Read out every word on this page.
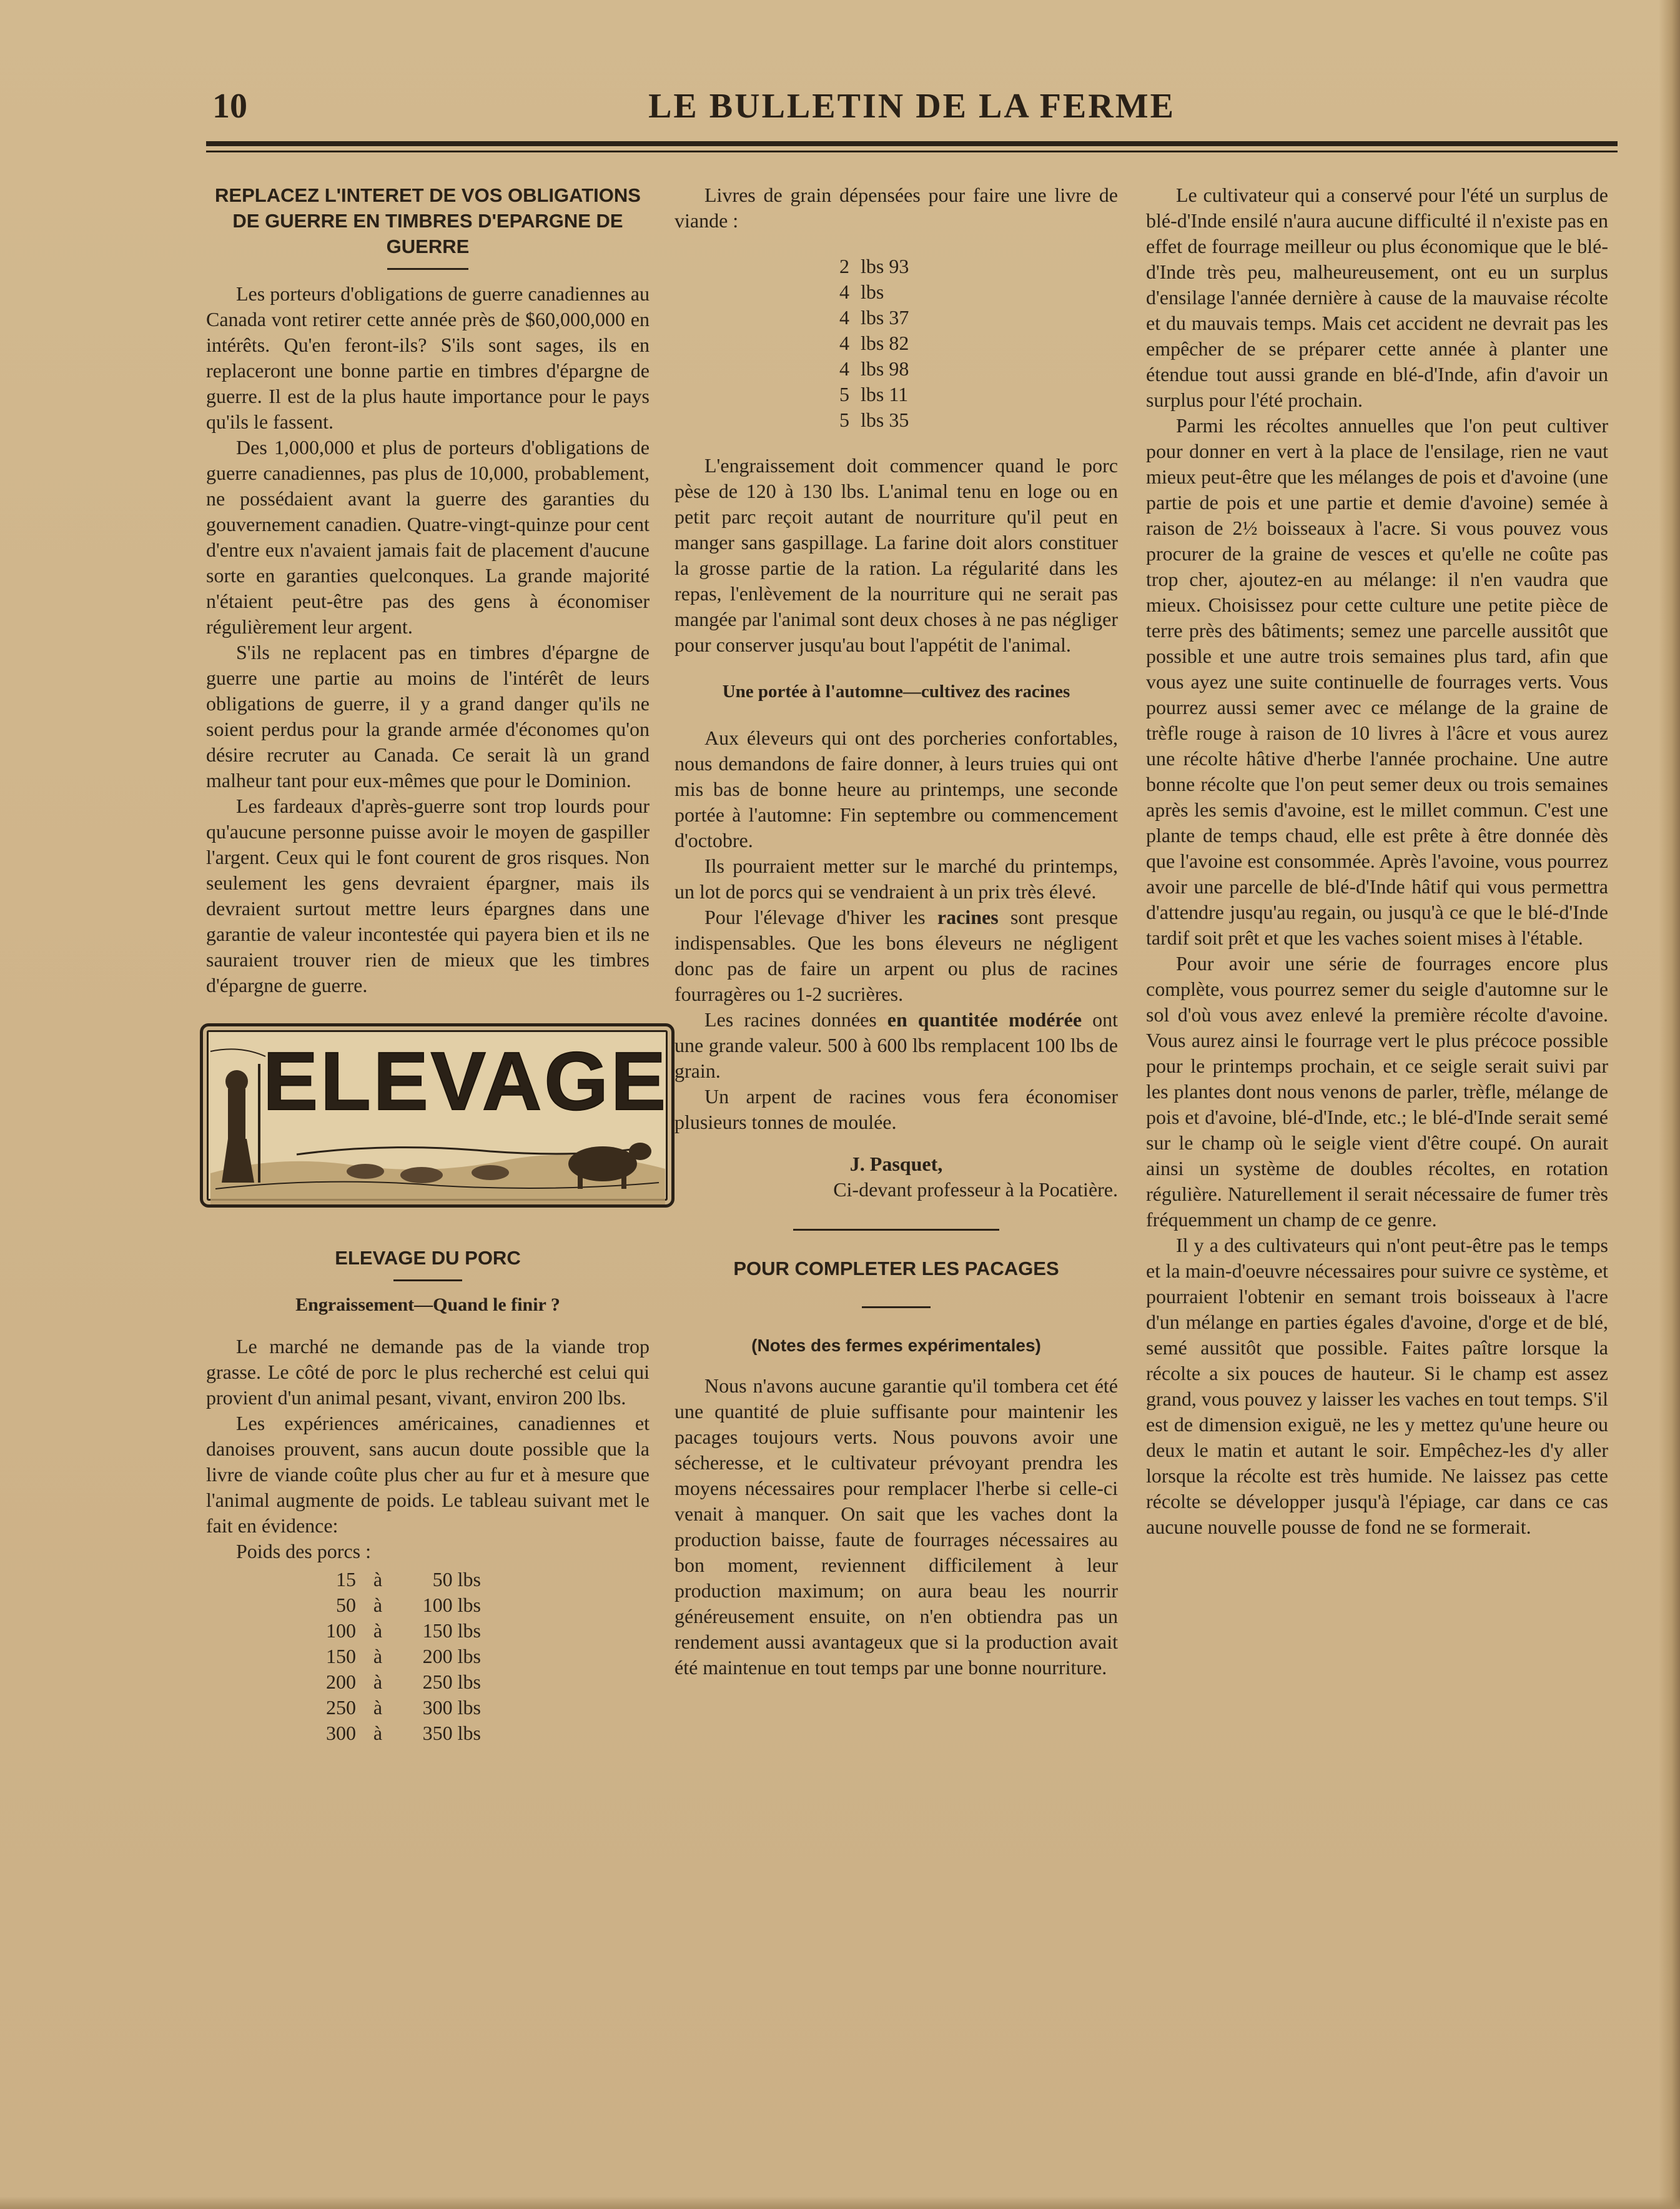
10	LE BULLETIN DE LA FERME
REPLACEZ L'INTERET DE VOS OBLIGATIONS DE GUERRE EN TIMBRES D'EPARGNE DE GUERRE

Les porteurs d'obligations de guerre canadiennes au Canada vont retirer cette année près de $60,000,000 en intérêts. Qu'en feront-ils? S'ils sont sages, ils en replaceront une bonne partie en timbres d'épargne de guerre. Il est de la plus haute importance pour le pays qu'ils le fassent.

Des 1,000,000 et plus de porteurs d'obligations de guerre canadiennes, pas plus de 10,000, probablement, ne possédaient avant la guerre des garanties du gouvernement canadien. Quatre-vingt-quinze pour cent d'entre eux n'avaient jamais fait de placement d'aucune sorte en garanties quelconques. La grande majorité n'étaient peut-être pas des gens à économiser régulièrement leur argent.

S'ils ne replacent pas en timbres d'épargne de guerre une partie au moins de l'intérêt de leurs obligations de guerre, il y a grand danger qu'ils ne soient perdus pour la grande armée d'économes qu'on désire recruter au Canada. Ce serait là un grand malheur tant pour eux-mêmes que pour le Dominion.

Les fardeaux d'après-guerre sont trop lourds pour qu'aucune personne puisse avoir le moyen de gaspiller l'argent. Ceux qui le font courent de gros risques. Non seulement les gens devraient épargner, mais ils devraient surtout mettre leurs épargnes dans une garantie de valeur incontestée qui payera bien et ils ne sauraient trouver rien de mieux que les timbres d'épargne de guerre.

ELEVAGE
ELEVAGE DU PORC
Engraissement—Quand le finir ?

Le marché ne demande pas de la viande trop grasse. Le côté de porc le plus recherché est celui qui provient d'un animal pesant, vivant, environ 200 lbs.

Les expériences américaines, canadiennes et danoises prouvent, sans aucun doute possible que la livre de viande coûte plus cher au fur et à mesure que l'animal augmente de poids. Le tableau suivant met le fait en évidence:

Poids des porcs :

15 à	50 lbs
50 à	100 lbs
100 à	150 lbs
150 à	200 lbs
200 à	250 lbs
250 à	300 lbs
300 à	350 lbs

Livres de grain dépensées pour faire une livre de viande :

2 lbs 93
4 lbs
4 lbs 37
4 lbs 82
4 lbs 98
5 lbs 11
5 lbs 35

L'engraissement doit commencer quand le porc pèse de 120 à 130 lbs. L'animal tenu en loge ou en petit parc reçoit autant de nourriture qu'il peut en manger sans gaspillage. La farine doit alors constituer la grosse partie de la ration. La régularité dans les repas, l'enlèvement de la nourriture qui ne serait pas mangée par l'animal sont deux choses à ne pas négliger pour conserver jusqu'au bout l'appétit de l'animal.

Une portée à l'automne—cultivez des racines

Aux éleveurs qui ont des porcheries confortables, nous demandons de faire donner, à leurs truies qui ont mis bas de bonne heure au printemps, une seconde portée à l'automne: Fin septembre ou commencement d'octobre.

Ils pourraient metter sur le marché du printemps, un lot de porcs qui se vendraient à un prix très élevé.

Pour l'élevage d'hiver les racines sont presque indispensables. Que les bons éleveurs ne négligent donc pas de faire un arpent ou plus de racines fourragères ou 1-2 sucrières.

Les racines données en quantitée modérée ont une grande valeur. 500 à 600 lbs remplacent 100 lbs de grain.

Un arpent de racines vous fera économiser plusieurs tonnes de moulée.

J. Pasquet,
Ci-devant professeur à la Pocatière.
POUR COMPLETER LES PACAGES
(Notes des fermes expérimentales)

Nous n'avons aucune garantie qu'il tombera cet été une quantité de pluie suffisante pour maintenir les pacages toujours verts. Nous pouvons avoir une sécheresse, et le cultivateur prévoyant prendra les moyens nécessaires pour remplacer l'herbe si celle-ci venait à manquer. On sait que les vaches dont la production baisse, faute de fourrages nécessaires au bon moment, reviennent difficilement à leur production maximum; on aura beau les nourrir généreusement ensuite, on n'en obtiendra pas un rendement aussi avantageux que si la production avait été maintenue en tout temps par une bonne nourriture.

Le cultivateur qui a conservé pour l'été un surplus de blé-d'Inde ensilé n'aura aucune difficulté il n'existe pas en effet de fourrage meilleur ou plus économique que le blé-d'Inde très peu, malheureusement, ont eu un surplus d'ensilage l'année dernière à cause de la mauvaise récolte et du mauvais temps. Mais cet accident ne devrait pas les empêcher de se préparer cette année à planter une étendue tout aussi grande en blé-d'Inde, afin d'avoir un surplus pour l'été prochain.

Parmi les récoltes annuelles que l'on peut cultiver pour donner en vert à la place de l'ensilage, rien ne vaut mieux peut-être que les mélanges de pois et d'avoine (une partie de pois et une partie et demie d'avoine) semée à raison de 2½ boisseaux à l'acre. Si vous pouvez vous procurer de la graine de vesces et qu'elle ne coûte pas trop cher, ajoutez-en au mélange: il n'en vaudra que mieux. Choisissez pour cette culture une petite pièce de terre près des bâtiments; semez une parcelle aussitôt que possible et une autre trois semaines plus tard, afin que vous ayez une suite continuelle de fourrages verts. Vous pourrez aussi semer avec ce mélange de la graine de trèfle rouge à raison de 10 livres à l'âcre et vous aurez une récolte hâtive d'herbe l'année prochaine. Une autre bonne récolte que l'on peut semer deux ou trois semaines après les semis d'avoine, est le millet commun. C'est une plante de temps chaud, elle est prête à être donnée dès que l'avoine est consommée. Après l'avoine, vous pourrez avoir une parcelle de blé-d'Inde hâtif qui vous permettra d'attendre jusqu'au regain, ou jusqu'à ce que le blé-d'Inde tardif soit prêt et que les vaches soient mises à l'étable.

Pour avoir une série de fourrages encore plus complète, vous pourrez semer du seigle d'automne sur le sol d'où vous avez enlevé la première récolte d'avoine. Vous aurez ainsi le fourrage vert le plus précoce possible pour le printemps prochain, et ce seigle serait suivi par les plantes dont nous venons de parler, trèfle, mélange de pois et d'avoine, blé-d'Inde, etc.; le blé-d'Inde serait semé sur le champ où le seigle vient d'être coupé. On aurait ainsi un système de doubles récoltes, en rotation régulière. Naturellement il serait nécessaire de fumer très fréquemment un champ de ce genre.

Il y a des cultivateurs qui n'ont peut-être pas le temps et la main-d'oeuvre nécessaires pour suivre ce système, et pourraient l'obtenir en semant trois boisseaux à l'acre d'un mélange en parties égales d'avoine, d'orge et de blé, semé aussitôt que possible. Faites paître lorsque la récolte a six pouces de hauteur. Si le champ est assez grand, vous pouvez y laisser les vaches en tout temps. S'il est de dimension exiguë, ne les y mettez qu'une heure ou deux le matin et autant le soir. Empêchez-les d'y aller lorsque la récolte est très humide. Ne laissez pas cette récolte se développer jusqu'à l'épiage, car dans ce cas aucune nouvelle pousse de fond ne se formerait.
